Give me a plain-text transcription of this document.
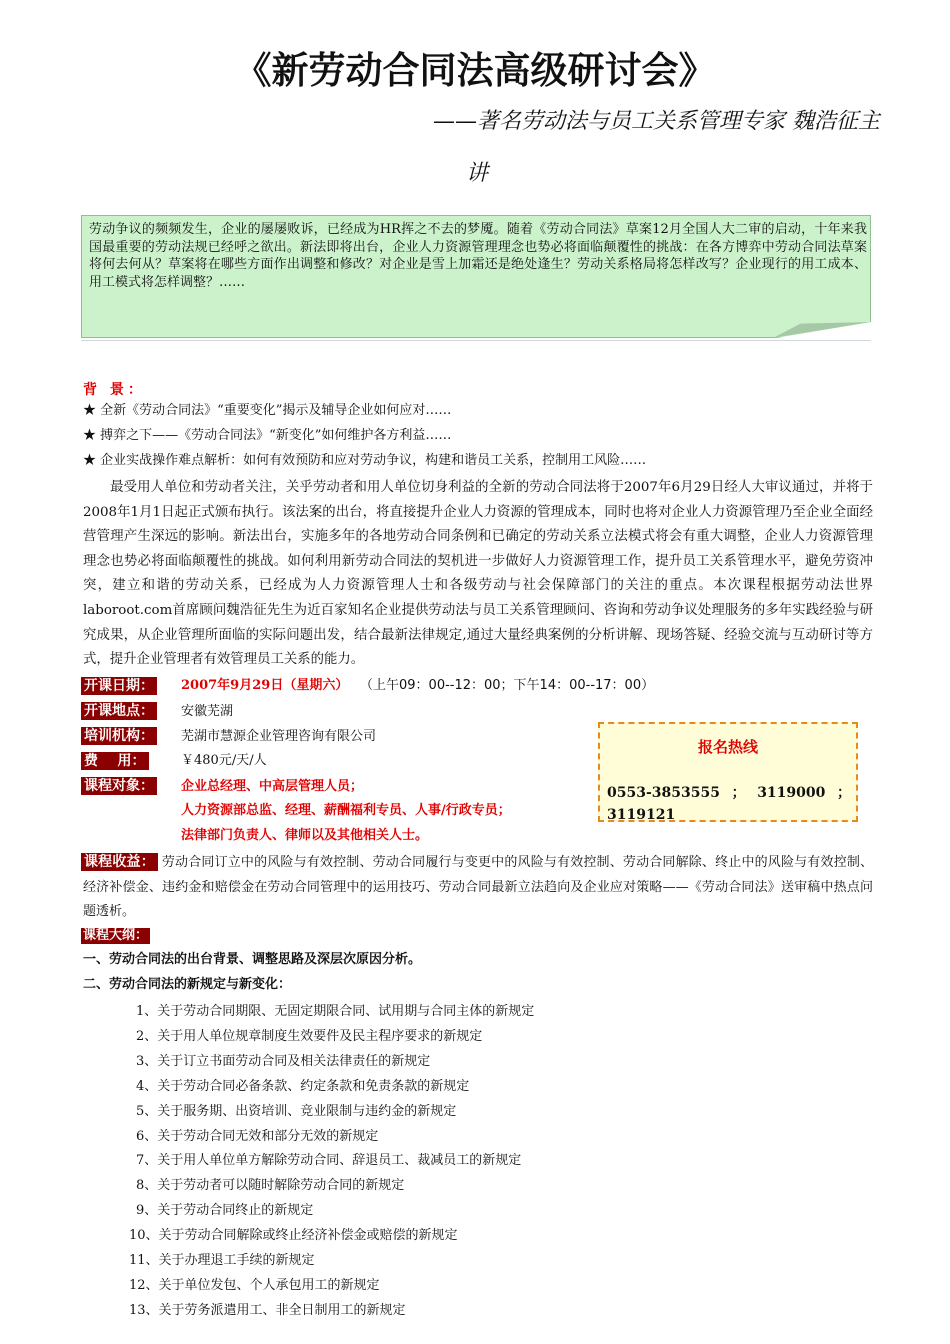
《新劳动合同法高级研讨会》
——著名劳动法与员工关系管理专家 魏浩征主
讲
劳动争议的频频发生，企业的屡屡败诉，已经成为HR挥之不去的梦魇。随着《劳动合同法》草案12月全国人大二审的启动，十年来我国最重要的劳动法规已经呼之欲出。新法即将出台，企业人力资源管理理念也势必将面临颠覆性的挑战：在各方博弈中劳动合同法草案将何去何从？草案将在哪些方面作出调整和修改？对企业是雪上加霜还是绝处逢生？劳动关系格局将怎样改写？企业现行的用工成本、用工模式将怎样调整？……
背 景：
★ 全新《劳动合同法》“重要变化”揭示及辅导企业如何应对……
★ 搏弈之下——《劳动合同法》“新变化”如何维护各方利益……
★ 企业实战操作难点解析：如何有效预防和应对劳动争议，构建和谐员工关系，控制用工风险……
最受用人单位和劳动者关注，关乎劳动者和用人单位切身利益的全新的劳动合同法将于2007年6月29日经人大审议通过，并将于2008年1月1日起正式颁布执行。该法案的出台，将直接提升企业人力资源的管理成本，同时也将对企业人力资源管理乃至企业全面经营管理产生深远的影响。新法出台，实施多年的各地劳动合同条例和已确定的劳动关系立法模式将会有重大调整，企业人力资源管理理念也势必将面临颠覆性的挑战。如何利用新劳动合同法的契机进一步做好人力资源管理工作，提升员工关系管理水平，避免劳资冲突，建立和谐的劳动关系，已经成为人力资源管理人士和各级劳动与社会保障部门的关注的重点。本次课程根据劳动法世界laboroot.com首席顾问魏浩征先生为近百家知名企业提供劳动法与员工关系管理顾问、咨询和劳动争议处理服务的多年实践经验与研究成果，从企业管理所面临的实际问题出发，结合最新法律规定,通过大量经典案例的分析讲解、现场答疑、经验交流与互动研讨等方式，提升企业管理者有效管理员工关系的能力。
开课日期： 2007年9月29日（星期六） （上午09：00--12：00；下午14：00--17：00）
开课地点： 安徽芜湖
培训机构： 芜湖市慧源企业管理咨询有限公司
费    用：	￥480元/天/人
课程对象： 企业总经理、中高层管理人员；
人力资源部总监、经理、薪酬福利专员、人事/行政专员；
法律部门负责人、律师以及其他相关人士。
报名热线
0553-3853555 ； 3119000 ；
3119121
课程收益： 劳动合同订立中的风险与有效控制、劳动合同履行与变更中的风险与有效控制、劳动合同解除、终止中的风险与有效控制、经济补偿金、违约金和赔偿金在劳动合同管理中的运用技巧、劳动合同最新立法趋向及企业应对策略——《劳动合同法》送审稿中热点问题透析。
课程大纲：
一、劳动合同法的出台背景、调整思路及深层次原因分析。
二、劳动合同法的新规定与新变化：
1、关于劳动合同期限、无固定期限合同、试用期与合同主体的新规定
2、关于用人单位规章制度生效要件及民主程序要求的新规定
3、关于订立书面劳动合同及相关法律责任的新规定
4、关于劳动合同必备条款、约定条款和免责条款的新规定
5、关于服务期、出资培训、竞业限制与违约金的新规定
6、关于劳动合同无效和部分无效的新规定
7、关于用人单位单方解除劳动合同、辞退员工、裁减员工的新规定
8、关于劳动者可以随时解除劳动合同的新规定
9、关于劳动合同终止的新规定
10、关于劳动合同解除或终止经济补偿金或赔偿的新规定
11、关于办理退工手续的新规定
12、关于单位发包、个人承包用工的新规定
13、关于劳务派遣用工、非全日制用工的新规定
